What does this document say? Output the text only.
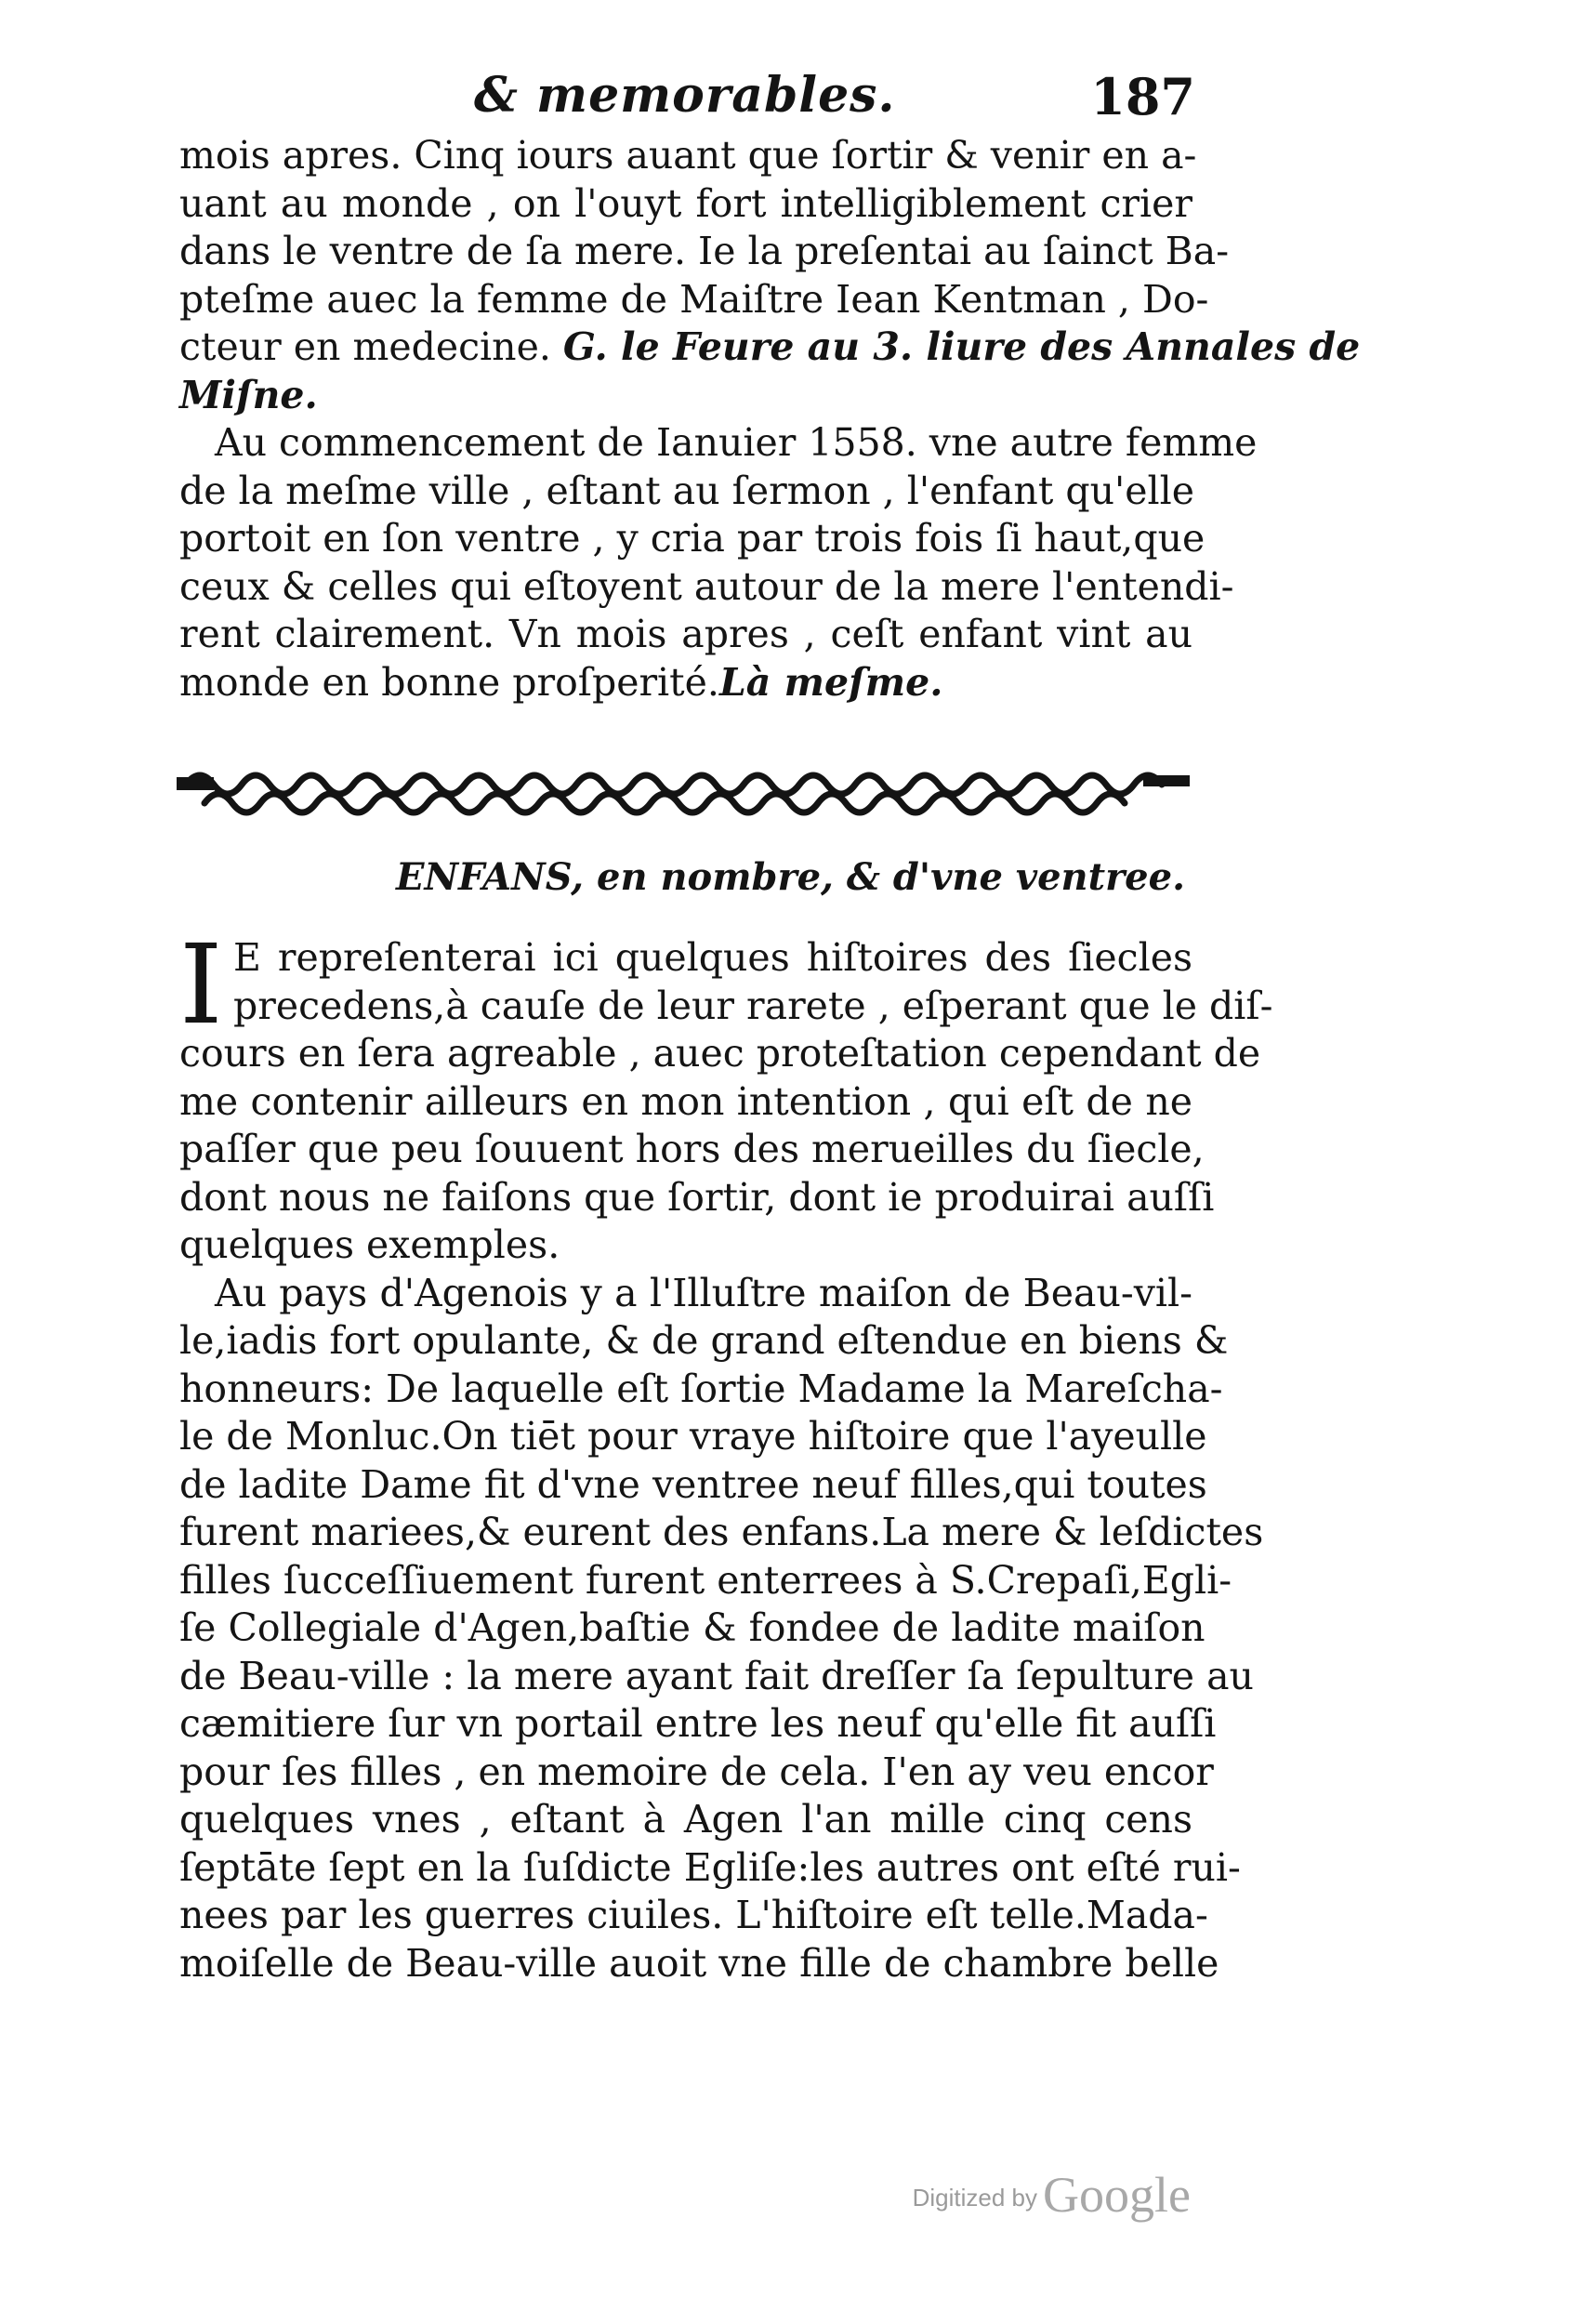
& memorables.	187
mois apres. Cinq iours auant que ſortir & venir en a-
uant au monde , on l'ouyt fort intelligiblement crier
dans le ventre de ſa mere. Ie la preſentai au ſainct Ba-
pteſme auec la femme de Maiſtre Iean Kentman , Do-
cteur en medecine. G. le Feure au 3. liure des Annales de
Miſne.
Au commencement de Ianuier 1558. vne autre femme
de la meſme ville , eſtant au ſermon , l'enfant qu'elle
portoit en ſon ventre , y cria par trois fois ſi haut,que
ceux & celles qui eſtoyent autour de la mere l'entendi-
rent clairement. Vn mois apres , ceſt enfant vint au
monde en bonne proſperité.Là meſme.
ENFANS, en nombre, & d'vne ventree.
I E repreſenterai ici quelques hiſtoires des ſiecles
precedens,à cauſe de leur rarete , eſperant que le diſ-
cours en ſera agreable , auec proteſtation cependant de
me contenir ailleurs en mon intention , qui eſt de ne
paſſer que peu ſouuent hors des merueilles du ſiecle,
dont nous ne faiſons que ſortir, dont ie produirai auſſi
quelques exemples.
Au pays d'Agenois y a l'Illuſtre maiſon de Beau-vil-
le,iadis fort opulante, & de grand eſtendue en biens &
honneurs: De laquelle eſt ſortie Madame la Mareſcha-
le de Monluc.On tiēt pour vraye hiſtoire que l'ayeulle
de ladite Dame fit d'vne ventree neuf filles,qui toutes
furent mariees,& eurent des enfans.La mere & leſdictes
filles ſucceſſiuement furent enterrees à S.Crepaſi,Egli-
ſe Collegiale d'Agen,baſtie & fondee de ladite maiſon
de Beau-ville : la mere ayant fait dreſſer ſa ſepulture au
cæmitiere ſur vn portail entre les neuf qu'elle fit auſſi
pour ſes filles , en memoire de cela. I'en ay veu encor
quelques vnes , eſtant à Agen l'an mille cinq cens
ſeptāte ſept en la ſuſdicte Egliſe:les autres ont eſté rui-
nees par les guerres ciuiles. L'hiſtoire eſt telle.Mada-
moiſelle de Beau-ville auoit vne fille de chambre belle
Digitized by Google
